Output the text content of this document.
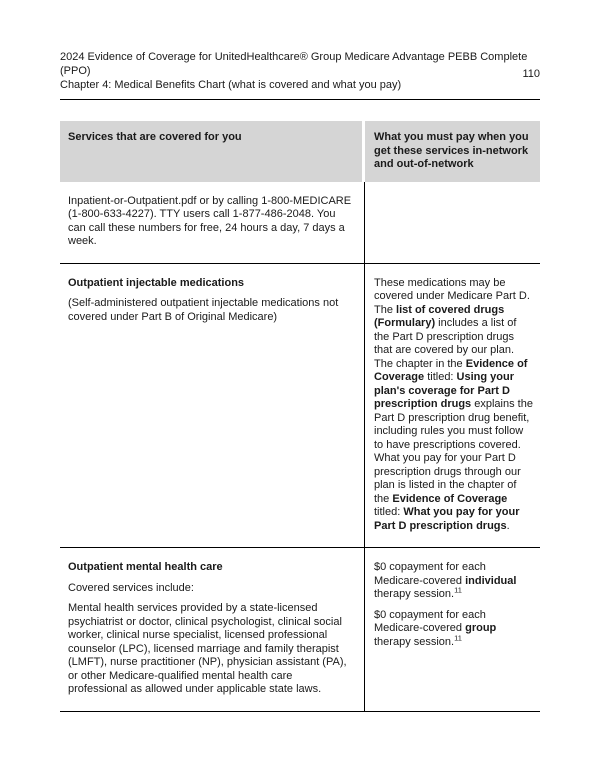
2024 Evidence of Coverage for UnitedHealthcare® Group Medicare Advantage PEBB Complete
(PPO)
Chapter 4: Medical Benefits Chart (what is covered and what you pay)
110
Services that are covered for you	What you must pay when you get these services in-network and out-of-network

Inpatient-or-Outpatient.pdf or by calling 1-800-MEDICARE (1-800-633-4227). TTY users call 1-877-486-2048. You can call these numbers for free, 24 hours a day, 7 days a week.

Outpatient injectable medications

(Self-administered outpatient injectable medications not covered under Part B of Original Medicare)

These medications may be covered under Medicare Part D. The list of covered drugs (Formulary) includes a list of the Part D prescription drugs that are covered by our plan. The chapter in the Evidence of Coverage titled: Using your plan's coverage for Part D prescription drugs explains the Part D prescription drug benefit, including rules you must follow to have prescriptions covered. What you pay for your Part D prescription drugs through our plan is listed in the chapter of the Evidence of Coverage titled: What you pay for your Part D prescription drugs.

Outpatient mental health care

Covered services include:

Mental health services provided by a state-licensed psychiatrist or doctor, clinical psychologist, clinical social worker, clinical nurse specialist, licensed professional counselor (LPC), licensed marriage and family therapist (LMFT), nurse practitioner (NP), physician assistant (PA), or other Medicare-qualified mental health care professional as allowed under applicable state laws.

$0 copayment for each Medicare-covered individual therapy session.$^{11}$

$0 copayment for each Medicare-covered group therapy session.$^{11}$
